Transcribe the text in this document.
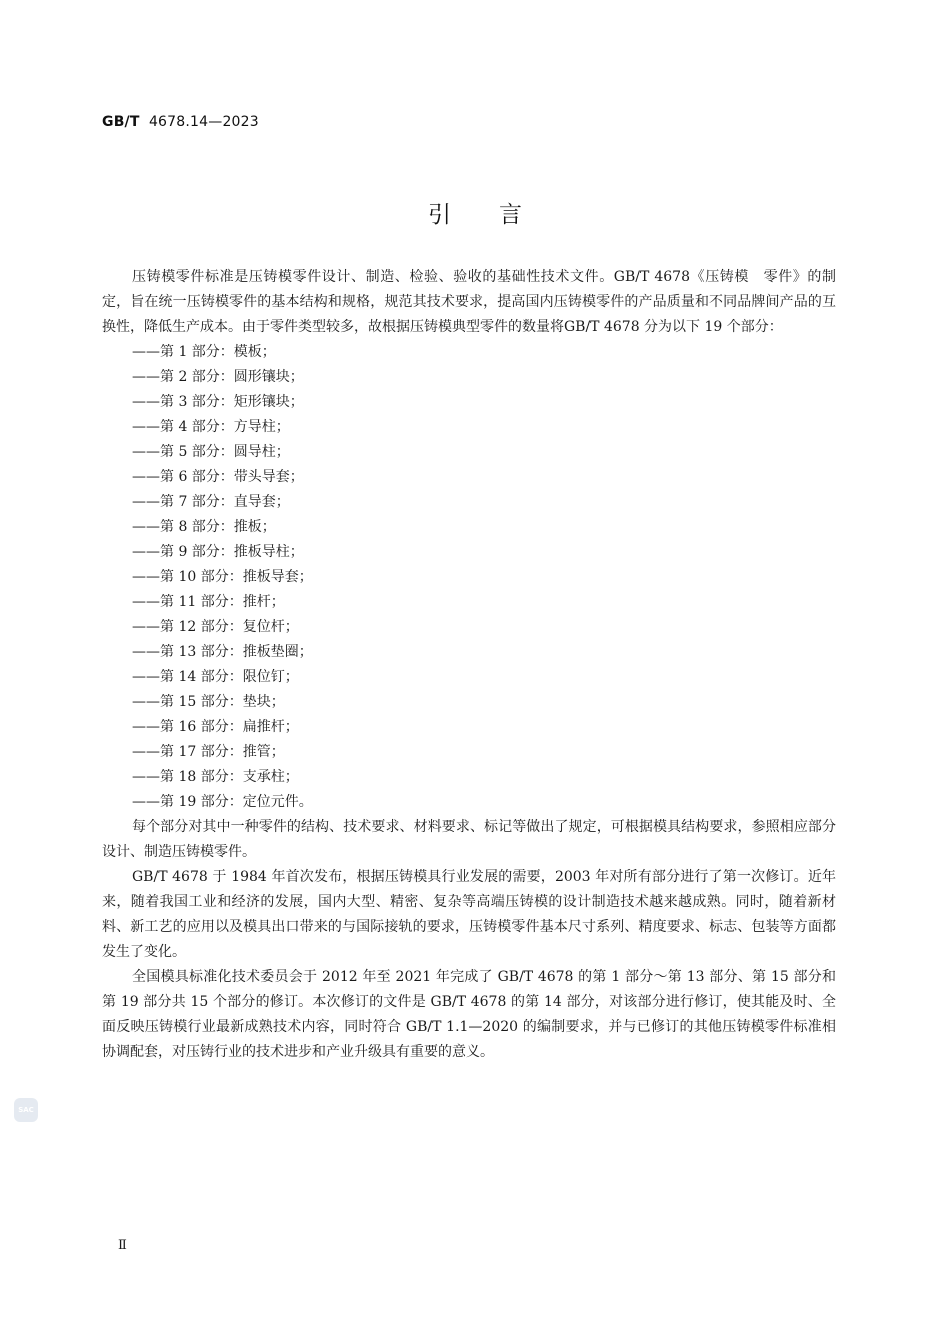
GB/T 4678.14—2023
引言

压铸模零件标准是压铸模零件设计、制造、检验、验收的基础性技术文件。GB/T 4678《压铸模　零件》的制定，旨在统一压铸模零件的基本结构和规格，规范其技术要求，提高国内压铸模零件的产品质量和不同品牌间产品的互换性，降低生产成本。由于零件类型较多，故根据压铸模典型零件的数量将GB/T 4678 分为以下 19 个部分：

——第 1 部分：模板；
——第 2 部分：圆形镶块；
——第 3 部分：矩形镶块；
——第 4 部分：方导柱；
——第 5 部分：圆导柱；
——第 6 部分：带头导套；
——第 7 部分：直导套；
——第 8 部分：推板；
——第 9 部分：推板导柱；
——第 10 部分：推板导套；
——第 11 部分：推杆；
——第 12 部分：复位杆；
——第 13 部分：推板垫圈；
——第 14 部分：限位钉；
——第 15 部分：垫块；
——第 16 部分：扁推杆；
——第 17 部分：推管；
——第 18 部分：支承柱；
——第 19 部分：定位元件。

每个部分对其中一种零件的结构、技术要求、材料要求、标记等做出了规定，可根据模具结构要求，参照相应部分设计、制造压铸模零件。

GB/T 4678 于 1984 年首次发布，根据压铸模具行业发展的需要，2003 年对所有部分进行了第一次修订。近年来，随着我国工业和经济的发展，国内大型、精密、复杂等高端压铸模的设计制造技术越来越成熟。同时，随着新材料、新工艺的应用以及模具出口带来的与国际接轨的要求，压铸模零件基本尺寸系列、精度要求、标志、包装等方面都发生了变化。

全国模具标准化技术委员会于 2012 年至 2021 年完成了 GB/T 4678 的第 1 部分～第 13 部分、第 15 部分和第 19 部分共 15 个部分的修订。本次修订的文件是 GB/T 4678 的第 14 部分，对该部分进行修订，使其能及时、全面反映压铸模行业最新成熟技术内容，同时符合 GB/T 1.1—2020 的编制要求，并与已修订的其他压铸模零件标准相协调配套，对压铸行业的技术进步和产业升级具有重要的意义。

SAC
Ⅱ
